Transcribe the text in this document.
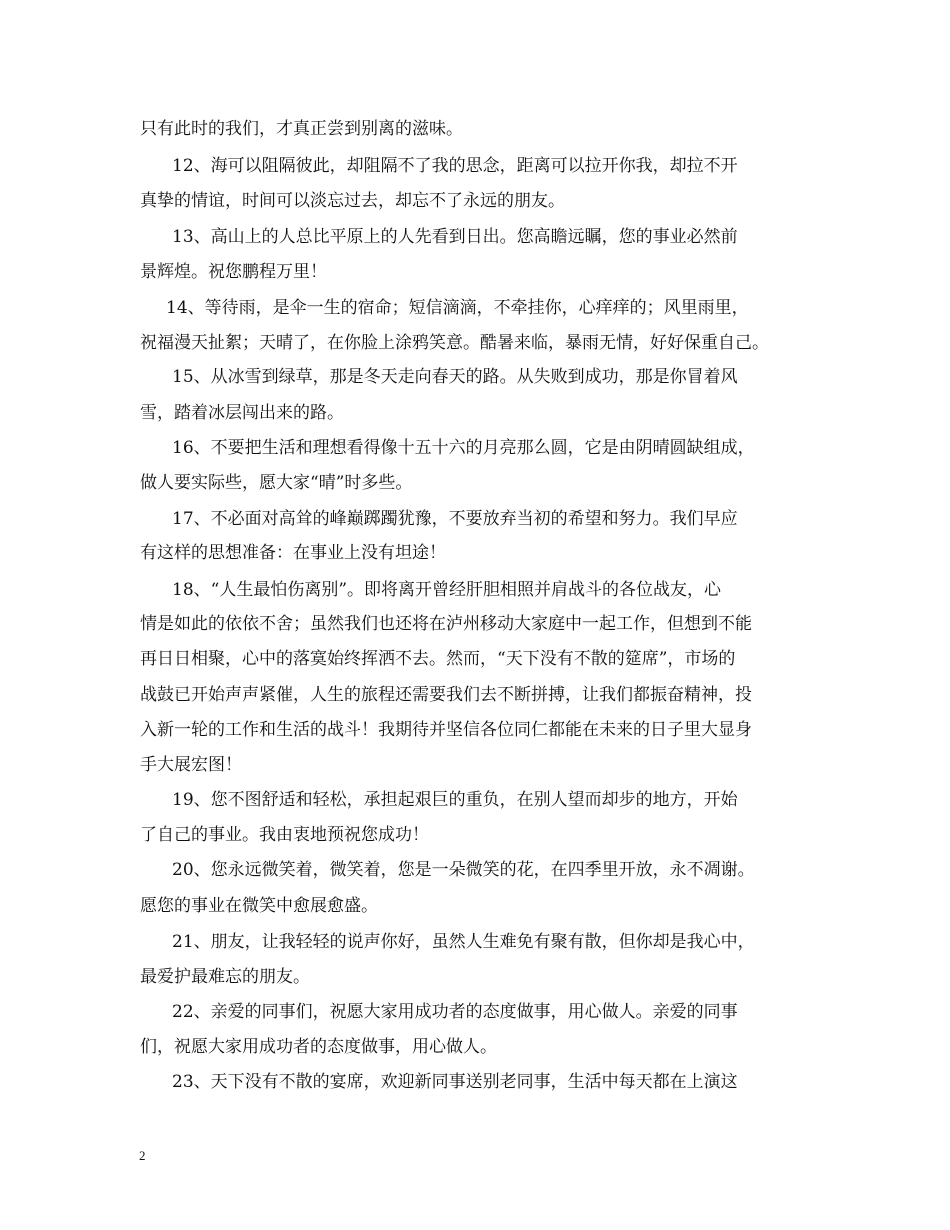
只有此时的我们，才真正尝到别离的滋味。
12、海可以阻隔彼此，却阻隔不了我的思念，距离可以拉开你我，却拉不开
真挚的情谊，时间可以淡忘过去，却忘不了永远的朋友。
13、高山上的人总比平原上的人先看到日出。您高瞻远瞩，您的事业必然前
景辉煌。祝您鹏程万里！
14、等待雨，是伞一生的宿命；短信滴滴，不牵挂你，心痒痒的；风里雨里，
祝福漫天扯絮；天晴了，在你脸上涂鸦笑意。酷暑来临，暴雨无情，好好保重自己。
15、从冰雪到绿草，那是冬天走向春天的路。从失败到成功，那是你冒着风
雪，踏着冰层闯出来的路。
16、不要把生活和理想看得像十五十六的月亮那么圆，它是由阴晴圆缺组成，
做人要实际些，愿大家“晴”时多些。
17、不必面对高耸的峰巅踯躅犹豫，不要放弃当初的希望和努力。我们早应
有这样的思想准备：在事业上没有坦途！
18、“人生最怕伤离别”。即将离开曾经肝胆相照并肩战斗的各位战友，心
情是如此的依依不舍；虽然我们也还将在泸州移动大家庭中一起工作，但想到不能
再日日相聚，心中的落寞始终挥洒不去。然而，“天下没有不散的筵席”，市场的
战鼓已开始声声紧催，人生的旅程还需要我们去不断拼搏，让我们都振奋精神，投
入新一轮的工作和生活的战斗！我期待并坚信各位同仁都能在未来的日子里大显身
手大展宏图！
19、您不图舒适和轻松，承担起艰巨的重负，在别人望而却步的地方，开始
了自己的事业。我由衷地预祝您成功！
20、您永远微笑着，微笑着，您是一朵微笑的花，在四季里开放，永不凋谢。
愿您的事业在微笑中愈展愈盛。
21、朋友，让我轻轻的说声你好，虽然人生难免有聚有散，但你却是我心中，
最爱护最难忘的朋友。
22、亲爱的同事们，祝愿大家用成功者的态度做事，用心做人。亲爱的同事
们，祝愿大家用成功者的态度做事，用心做人。
23、天下没有不散的宴席，欢迎新同事送别老同事，生活中每天都在上演这
2
